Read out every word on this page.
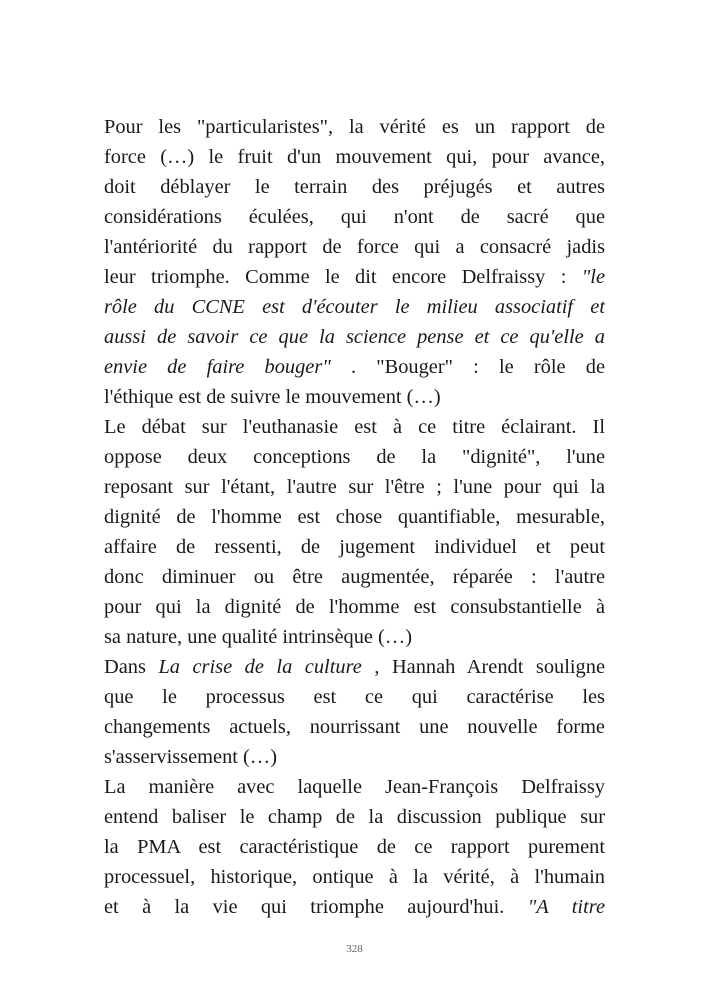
Pour les "particularistes", la vérité es un rapport de
force (…) le fruit d'un mouvement qui, pour avance,
doit déblayer le terrain des préjugés et autres
considérations éculées, qui n'ont de sacré que
l'antériorité du rapport de force qui a consacré jadis
leur triomphe. Comme le dit encore Delfraissy : "le
rôle du CCNE est d'écouter le milieu associatif et
aussi de savoir ce que la science pense et ce qu'elle a
envie de faire bouger" . "Bouger" : le rôle de
l'éthique est de suivre le mouvement (…)
Le débat sur l'euthanasie est à ce titre éclairant. Il
oppose deux conceptions de la "dignité", l'une
reposant sur l'étant, l'autre sur l'être ; l'une pour qui la
dignité de l'homme est chose quantifiable, mesurable,
affaire de ressenti, de jugement individuel et peut
donc diminuer ou être augmentée, réparée : l'autre
pour qui la dignité de l'homme est consubstantielle à
sa nature, une qualité intrinsèque (…)
Dans La crise de la culture , Hannah Arendt souligne
que le processus est ce qui caractérise les
changements actuels, nourrissant une nouvelle forme
s'asservissement (…)
La manière avec laquelle Jean-François Delfraissy
entend baliser le champ de la discussion publique sur
la PMA est caractéristique de ce rapport purement
processuel, historique, ontique à la vérité, à l'humain
et à la vie qui triomphe aujourd'hui. "A titre
328
